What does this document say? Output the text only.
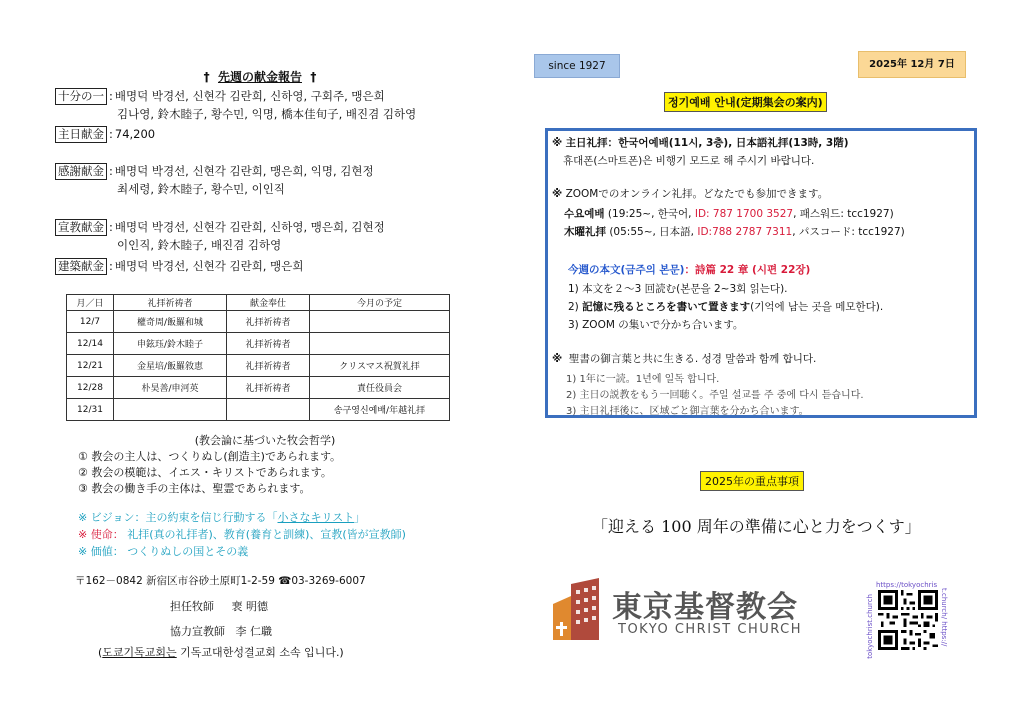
† 先週の献金報告 †
十分の一 : 배명덕 박경선, 신현각 김란희, 신하영, 구회주, 맹은희
김나영, 鈴木睦子, 황수민, 익명, 橋本佳旬子, 배진겸 김하영
主日献金 : 74,200
感謝献金 : 배명덕 박경선, 신현각 김란희, 맹은희, 익명, 김현정
최세령, 鈴木睦子, 황수민, 이인직
宣教献金 : 배명덕 박경선, 신현각 김란희, 신하영, 맹은희, 김현정
이인직, 鈴木睦子, 배진겸 김하영
建築献金 : 배명덕 박경선, 신현각 김란희, 맹은희
月／日	礼拝祈祷者	献金奉仕	今月の予定
12/7	權奇周/飯羅和城	礼拝祈祷者	
12/14	申鉉珏/鈴木睦子	礼拝祈祷者	
12/21	金星培/飯羅敘恵	礼拝祈祷者	クリスマス祝賀礼拝
12/28	朴昊善/申河英	礼拝祈祷者	責任役員会
12/31			송구영신예배/年越礼拝
(教会論に基づいた牧会哲学)
① 教会の主人は、つくりぬし(創造主)であられます。
② 教会の模範は、イエス・キリストであられます。
③ 教会の働き手の主体は、聖霊であられます。
※ ビジョン：主の約束を信じ行動する「小さなキリスト」
※ 使命： 礼拝(真の礼拝者)、教育(養育と訓練)、宣教(皆が宣教師)
※ 価値： つくりぬしの国とその義
〒162－0842 新宿区市谷砂土原町1-2-59 ☎03-3269-6007
担任牧師 裵 明德
協力宣教師 李 仁職
(도쿄기독교회는 기독교대한성결교회 소속 입니다.)
since 1927	2025年 12月 7日
정기예배 안내(定期集会の案内)
※ 主日礼拝：한국어예배(11시, 3층), 日本語礼拝(13時, 3階)
휴대폰(스마트폰)은 비행기 모드로 해 주시기 바랍니다.
※ ZOOMでのオンライン礼拝。どなたでも参加できます。
수요예배 (19:25~, 한국어, ID: 787 1700 3527, 패스워드: tcc1927)
木曜礼拝 (05:55~, 日本語, ID:788 2787 7311, パスコード: tcc1927)
今週の本文(금주의 본문)：詩篇 22 章 (시편 22장)
1) 本文を２～3 回読む(본문을 2~3회 읽는다).
2) 記憶に残るところを書いて置きます(기억에 남는 곳을 메모한다).
3) ZOOM の集いで分かち合います。
※ 聖書の御言葉と共に生きる. 성경 말씀과 함께 합니다.
1) 1年に一読。1년에 일독 합니다.
2) 主日の説教をもう一回聴く。주일 설교를 주 중에 다시 듣습니다.
3) 主日礼拝後に、区域ごと御言葉を分かち合います。
2025年の重点事項
「迎える 100 周年の準備に心と力をつくす」
東京基督教会
TOKYO CHRIST CHURCH
https://tokyochris
t.church/ https://
tokyochrist.church
